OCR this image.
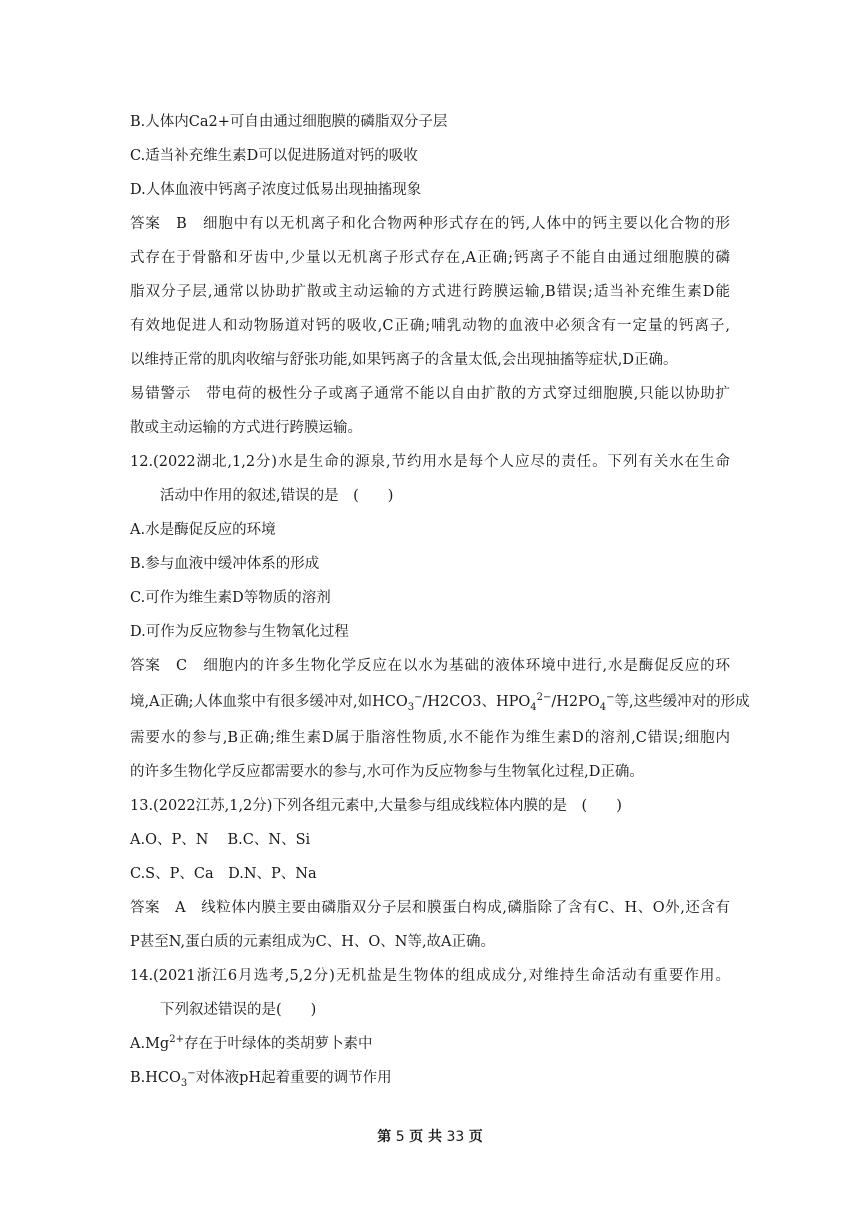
B.人体内Ca2+可自由通过细胞膜的磷脂双分子层
C.适当补充维生素D可以促进肠道对钙的吸收
D.人体血液中钙离子浓度过低易出现抽搐现象
答案　B　细胞中有以无机离子和化合物两种形式存在的钙,人体中的钙主要以化合物的形
式存在于骨骼和牙齿中,少量以无机离子形式存在,A正确;钙离子不能自由通过细胞膜的磷
脂双分子层,通常以协助扩散或主动运输的方式进行跨膜运输,B错误;适当补充维生素D能
有效地促进人和动物肠道对钙的吸收,C正确;哺乳动物的血液中必须含有一定量的钙离子,
以维持正常的肌肉收缩与舒张功能,如果钙离子的含量太低,会出现抽搐等症状,D正确。
易错警示　带电荷的极性分子或离子通常不能以自由扩散的方式穿过细胞膜,只能以协助扩
散或主动运输的方式进行跨膜运输。
12.(2022湖北,1,2分)水是生命的源泉,节约用水是每个人应尽的责任。下列有关水在生命
活动中作用的叙述,错误的是　(　　)
A.水是酶促反应的环境
B.参与血液中缓冲体系的形成
C.可作为维生素D等物质的溶剂
D.可作为反应物参与生物氧化过程
答案　C　细胞内的许多生物化学反应在以水为基础的液体环境中进行,水是酶促反应的环
境,A正确;人体血浆中有很多缓冲对,如$HCO_3^-/H2CO3$、$HPO_4^{2-}/H2PO_4^-$等,这些缓冲对的形成
需要水的参与,B正确;维生素D属于脂溶性物质,水不能作为维生素D的溶剂,C错误;细胞内
的许多生物化学反应都需要水的参与,水可作为反应物参与生物氧化过程,D正确。
13.(2022江苏,1,2分)下列各组元素中,大量参与组成线粒体内膜的是　(　　)
A.O、P、N　 B.C、N、Si
C.S、P、Ca　D.N、P、Na
答案　A　线粒体内膜主要由磷脂双分子层和膜蛋白构成,磷脂除了含有C、H、O外,还含有
P甚至N,蛋白质的元素组成为C、H、O、N等,故A正确。
14.(2021浙江6月选考,5,2分)无机盐是生物体的组成成分,对维持生命活动有重要作用。
下列叙述错误的是(　　)
$A.Mg^{2+}$存在于叶绿体的类胡萝卜素中
$B.HCO_3^-$对体液pH起着重要的调节作用
第 5 页 共 33 页
